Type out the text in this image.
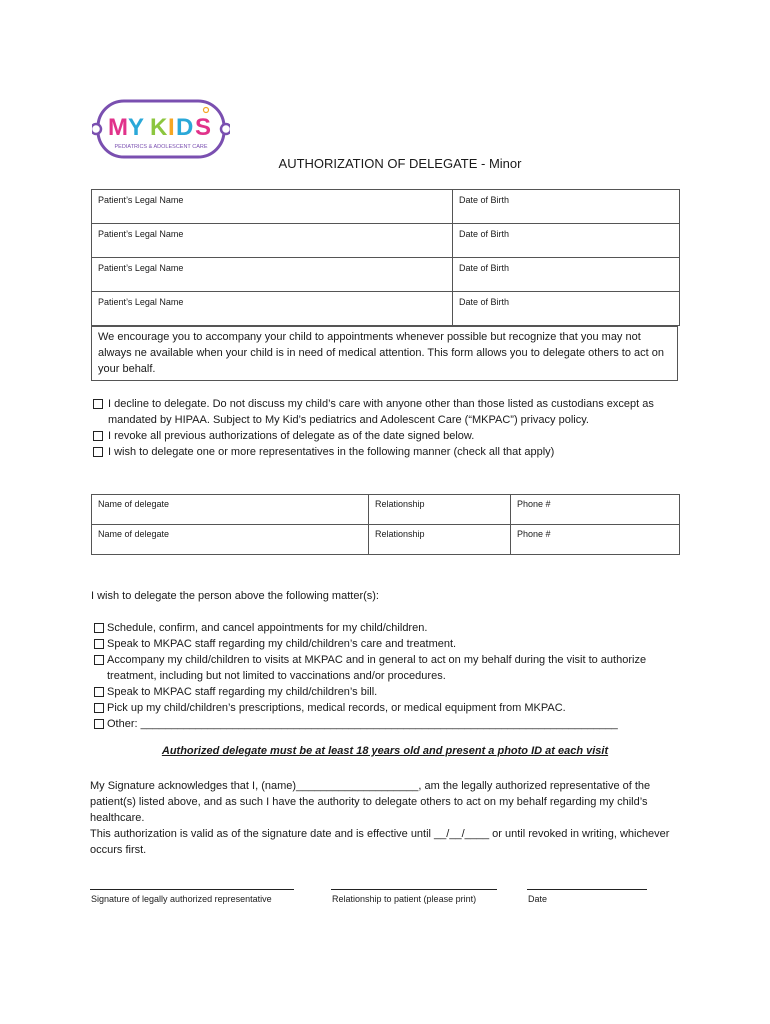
M Y K I D S
PEDIATRICS & ADOLESCENT CARE
AUTHORIZATION OF DELEGATE - Minor
Patient’s Legal Name	Date of Birth
Patient’s Legal Name	Date of Birth
Patient’s Legal Name	Date of Birth
Patient’s Legal Name	Date of Birth
We encourage you to accompany your child to appointments whenever possible but recognize that you may not always ne available when your child is in need of medical attention. This form allows you to delegate others to act on your behalf.
I decline to delegate. Do not discuss my child’s care with anyone other than those listed as custodians except as mandated by HIPAA. Subject to My Kid’s pediatrics and Adolescent Care (“MKPAC”) privacy policy.
I revoke all previous authorizations of delegate as of the date signed below.
I wish to delegate one or more representatives in the following manner (check all that apply)
Name of delegate	Relationship	Phone #
Name of delegate	Relationship	Phone #
I wish to delegate the person above the following matter(s):
Schedule, confirm, and cancel appointments for my child/children.
Speak to MKPAC staff regarding my child/children’s care and treatment.
Accompany my child/children to visits at MKPAC and in general to act on my behalf during the visit to authorize treatment, including but not limited to vaccinations and/or procedures.
Speak to MKPAC staff regarding my child/children’s bill.
Pick up my child/children’s prescriptions, medical records, or medical equipment from MKPAC.
Other: ______________________________________________________________________________
Authorized delegate must be at least 18 years old and present a photo ID at each visit
My Signature acknowledges that I, (name)____________________, am the legally authorized representative of the patient(s) listed above, and as such I have the authority to delegate others to act on my behalf regarding my child’s healthcare.
This authorization is valid as of the signature date and is effective until __/__/____ or until revoked in writing, whichever occurs first.
Signature of legally authorized representative	Relationship to patient (please print)	Date
